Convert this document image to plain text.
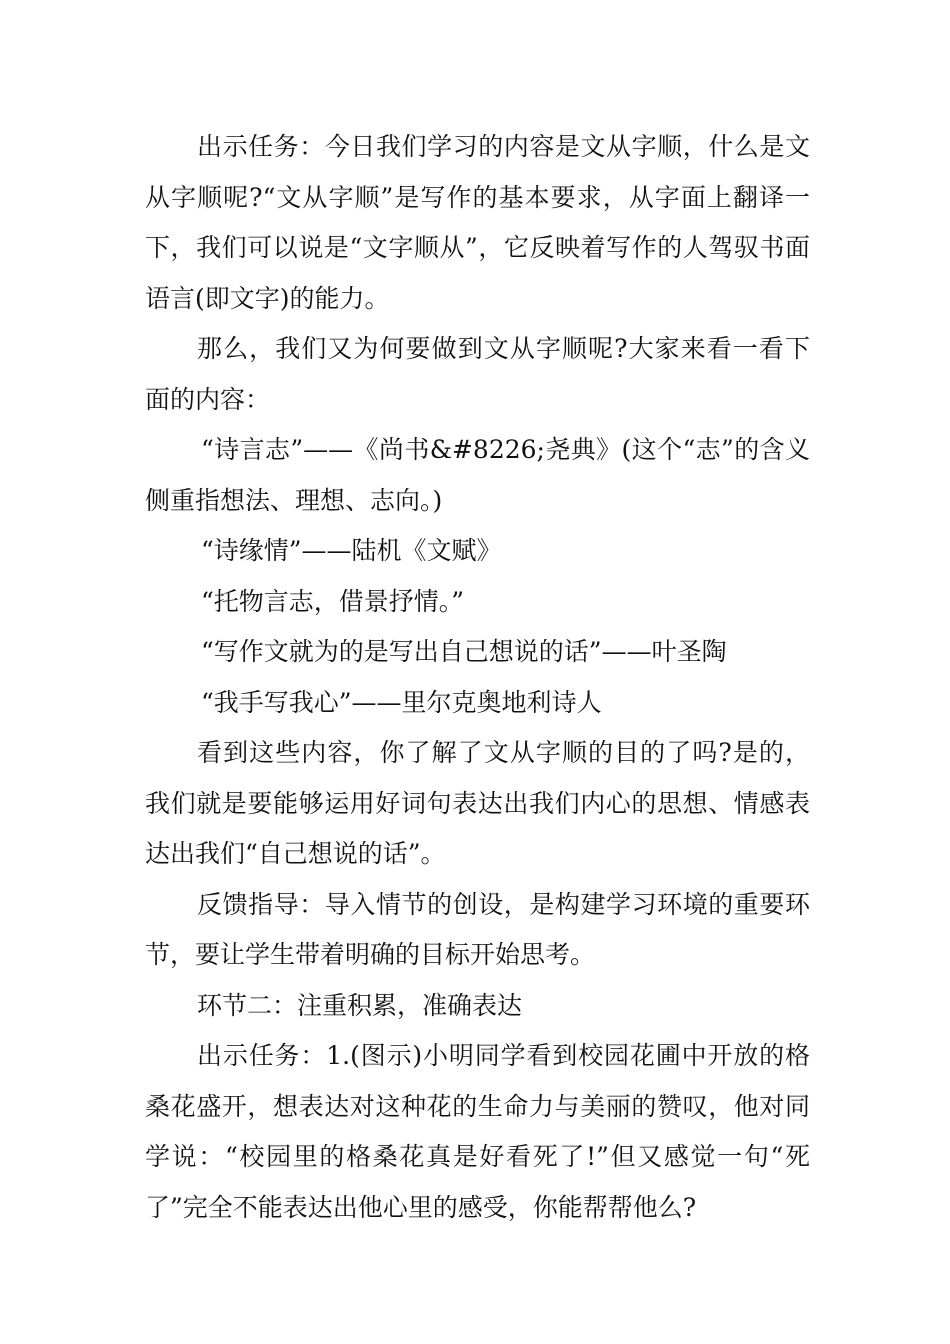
出示任务：今日我们学习的内容是文从字顺，什么是文从字顺呢?“文从字顺”是写作的基本要求，从字面上翻译一下，我们可以说是“文字顺从”，它反映着写作的人驾驭书面语言(即文字)的能力。

那么，我们又为何要做到文从字顺呢?大家来看一看下面的内容：

“诗言志”——《尚书&#8226;尧典》(这个“志”的含义侧重指想法、理想、志向。)

“诗缘情”——陆机《文赋》

“托物言志，借景抒情。”

“写作文就为的是写出自己想说的话”——叶圣陶

“我手写我心”——里尔克奥地利诗人

看到这些内容，你了解了文从字顺的目的了吗?是的，我们就是要能够运用好词句表达出我们内心的思想、情感表达出我们“自己想说的话”。

反馈指导：导入情节的创设，是构建学习环境的重要环节，要让学生带着明确的目标开始思考。

环节二：注重积累，准确表达

出示任务：1.(图示)小明同学看到校园花圃中开放的格桑花盛开，想表达对这种花的生命力与美丽的赞叹，他对同学说：“校园里的格桑花真是好看死了!”但又感觉一句“死了”完全不能表达出他心里的感受，你能帮帮他么?
